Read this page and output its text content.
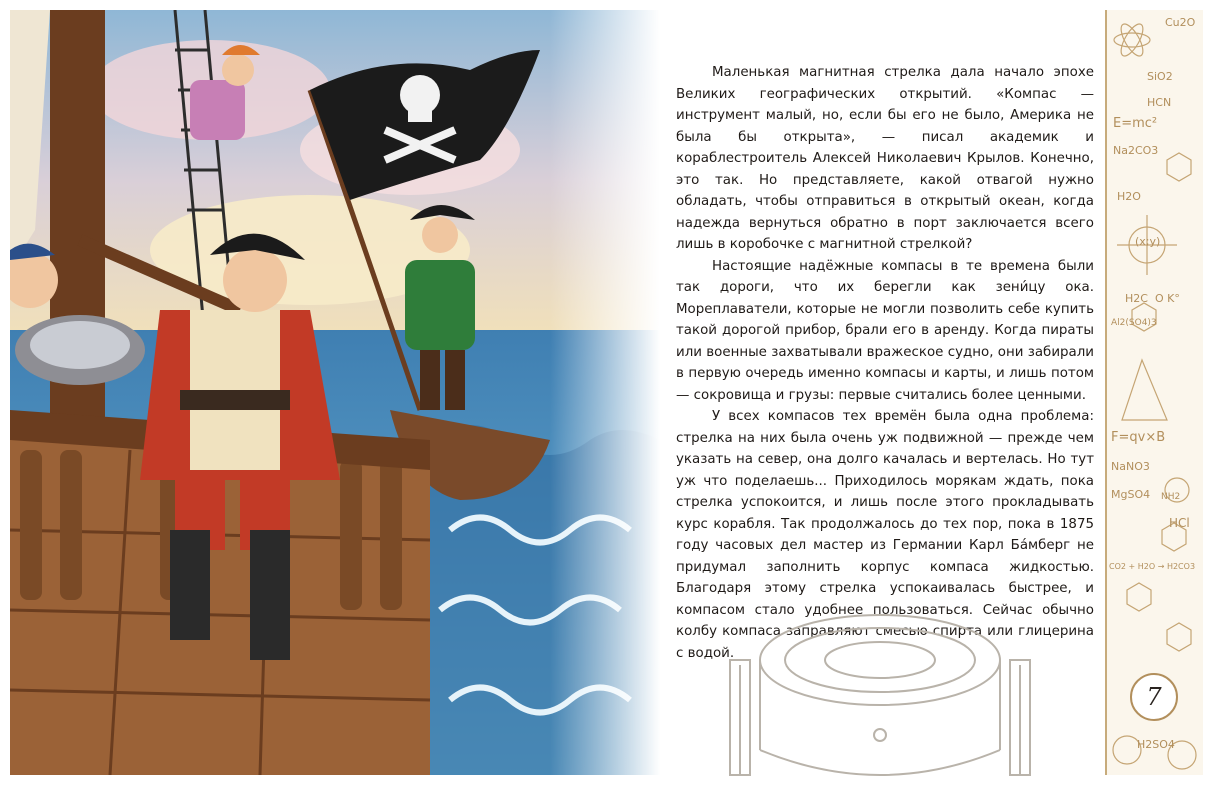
Маленькая магнитная стрелка дала начало эпохе Великих географических открытий. «Компас — инструмент малый, но, если бы его не было, Америка не была бы открыта», — писал академик и кораблестроитель Алексей Николаевич Крылов. Конечно, это так. Но представляете, какой отвагой нужно обладать, чтобы отправиться в открытый океан, когда надежда вернуться обратно в порт заключается всего лишь в коробочке с магнитной стрелкой?

Настоящие надёжные компасы в те времена были так дороги, что их берегли как зени́цу ока. Мореплаватели, которые не могли позволить себе купить такой дорогой прибор, брали его в аренду. Когда пираты или военные захватывали вражеское судно, они забирали в первую очередь именно компасы и карты, и лишь потом — сокровища и грузы: первые считались более ценными.

У всех компасов тех времён была одна проблема: стрелка на них была очень уж подвижной — прежде чем указать на север, она долго качалась и вертелась. Но тут уж что поделаешь... Приходилось морякам ждать, пока стрелка успокоится, и лишь после этого прокладывать курс корабля. Так продолжалось до тех пор, пока в 1875 году часовых дел мастер из Германии Карл Ба́мберг не придумал заполнить корпус компаса жидкостью. Благодаря этому стрелка успокаивалась быстрее, и компасом стало удобнее пользоваться. Сейчас обычно колбу компаса заправляют смесью спирта или глицерина с водой.

Cu2O
SiO2
HCN
E=mc²
Na2CO3
H2O
(x;y)
H2C O K°
Al2(SO4)3
F=qv×B
NaNO3
MgSO4 NH2
HCl
CO2 + H2O → H2CO3
H2SO4
7
